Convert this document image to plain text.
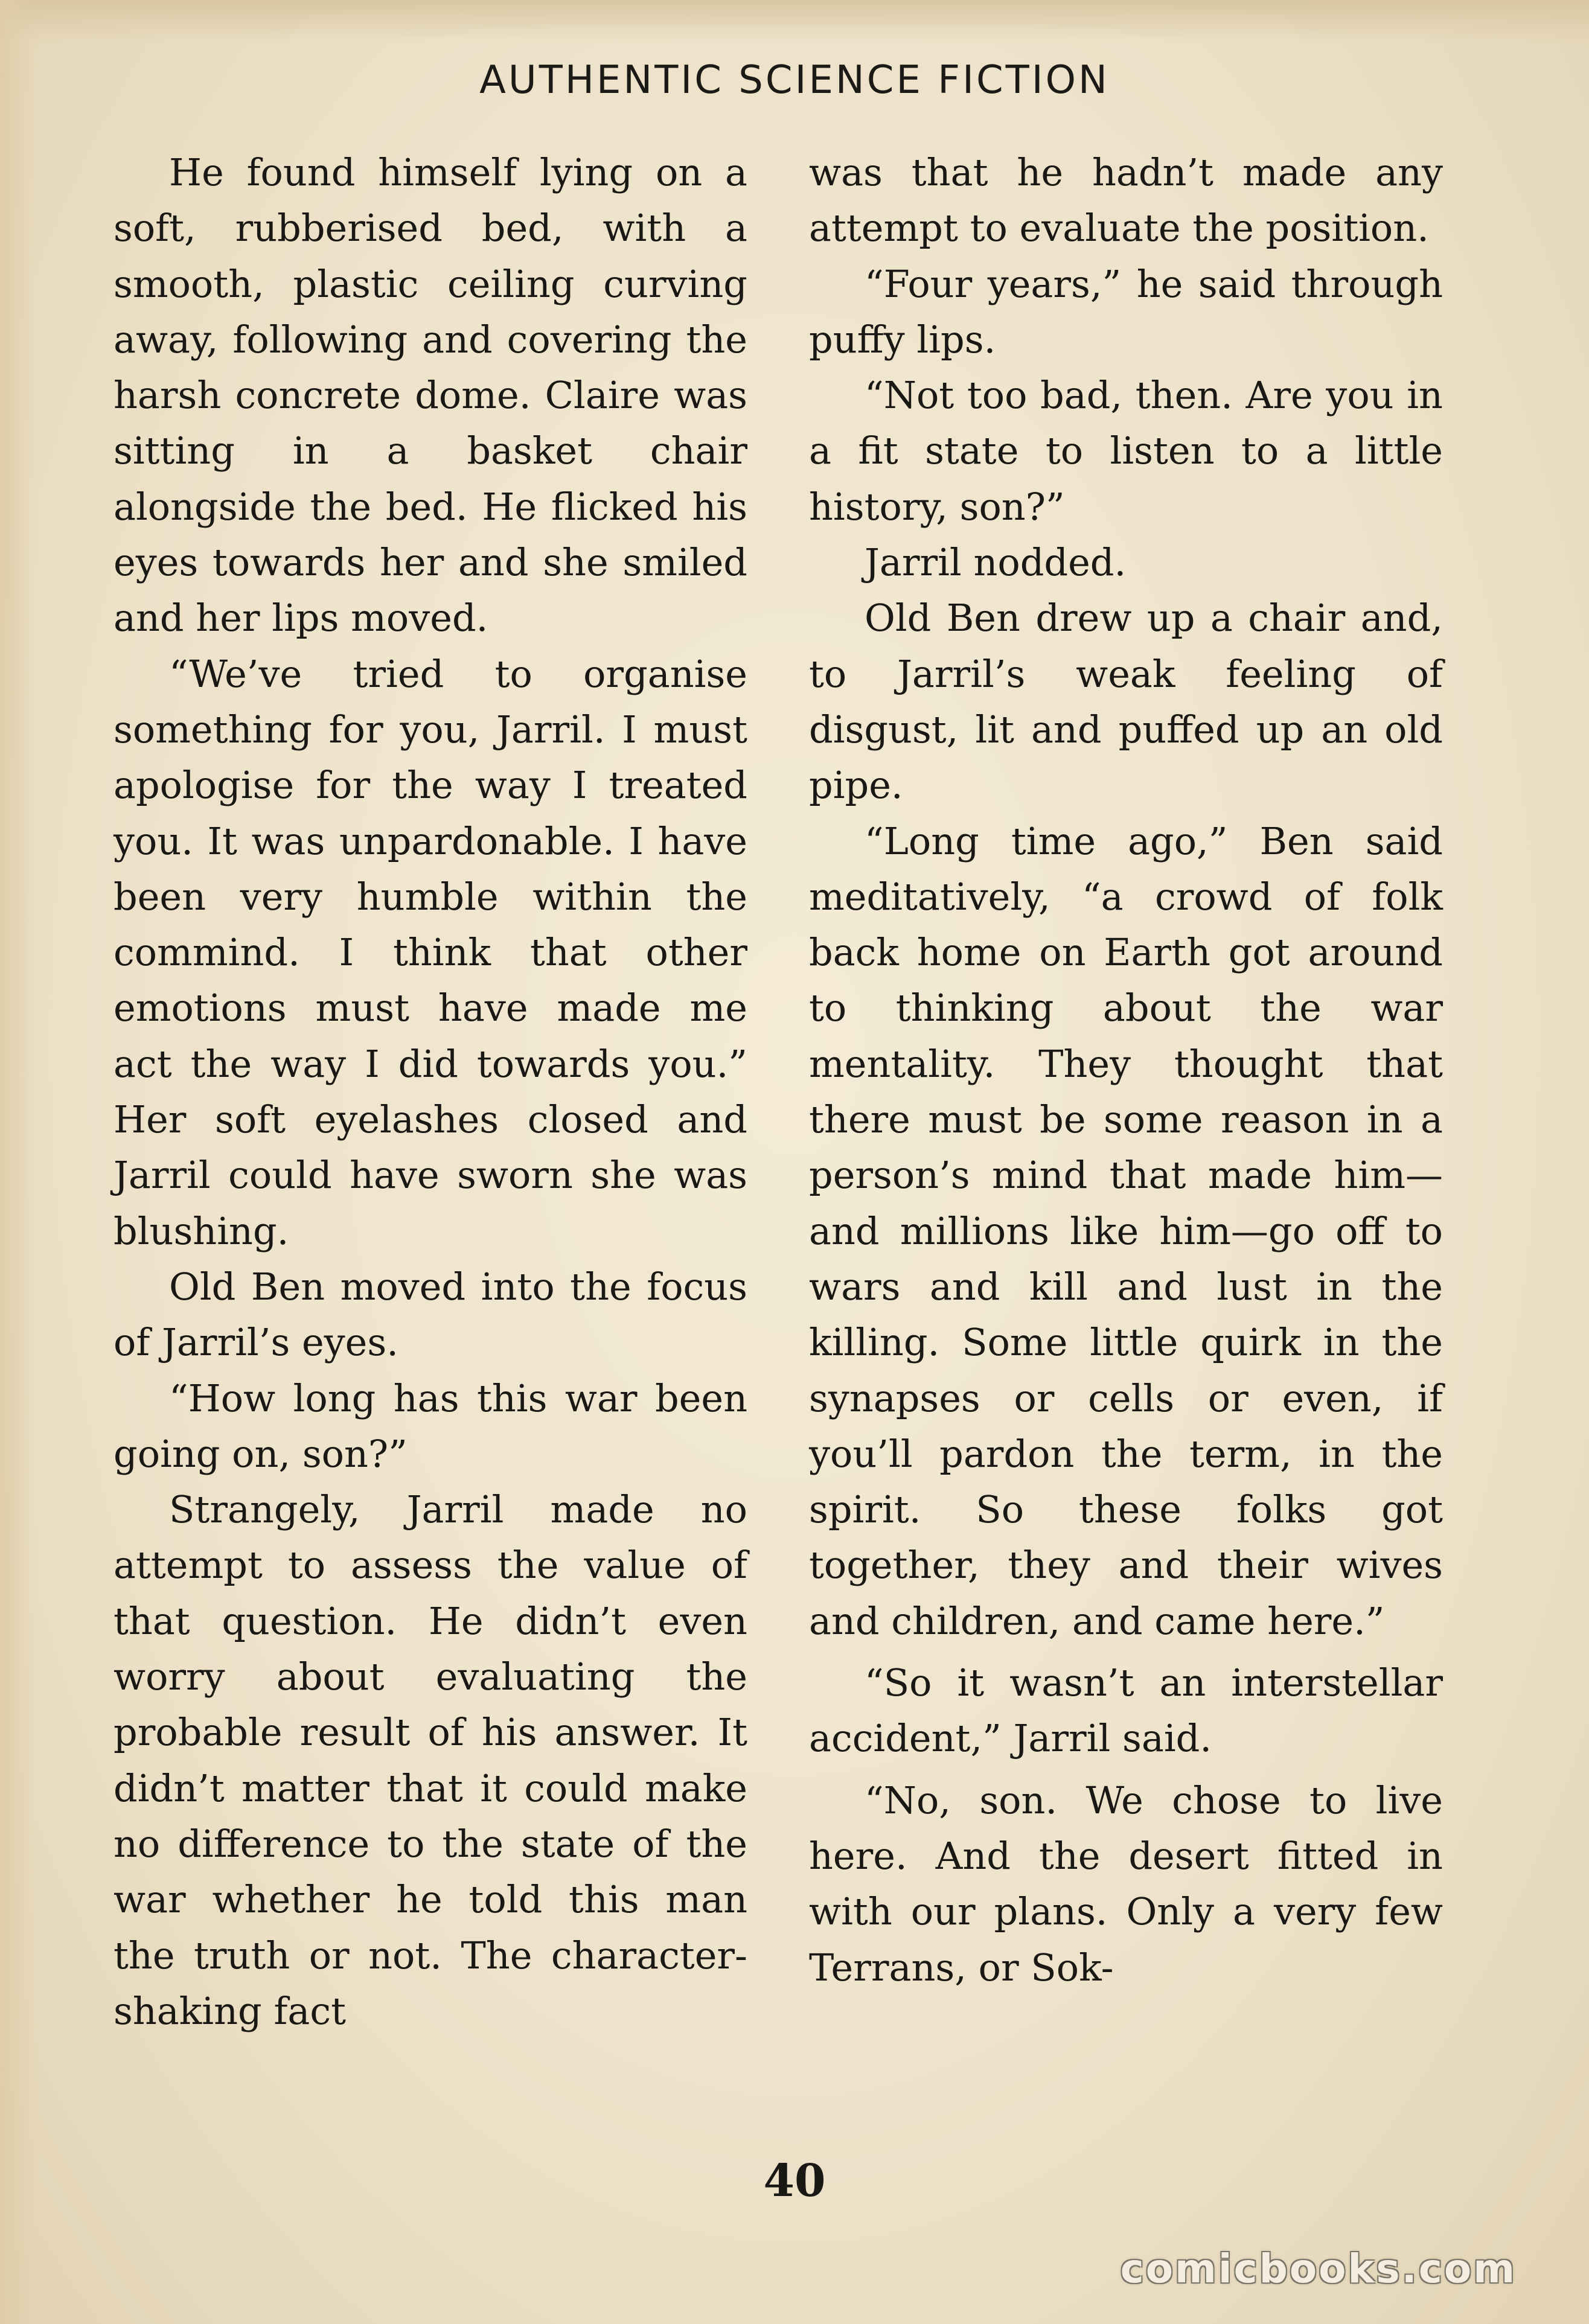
AUTHENTIC SCIENCE FICTION

He found himself lying on a soft, rubberised bed, with a smooth, plastic ceiling curving away, following and covering the harsh concrete dome. Claire was sitting in a basket chair alongside the bed. He flicked his eyes towards her and she smiled and her lips moved.

“We’ve tried to organise something for you, Jarril. I must apologise for the way I treated you. It was unpardonable. I have been very humble within the commind. I think that other emotions must have made me act the way I did towards you.” Her soft eyelashes closed and Jarril could have sworn she was blushing.

Old Ben moved into the focus of Jarril’s eyes.

“How long has this war been going on, son?”

Strangely, Jarril made no attempt to assess the value of that question. He didn’t even worry about evaluating the probable result of his answer. It didn’t matter that it could make no difference to the state of the war whether he told this man the truth or not. The character-shaking fact

was that he hadn’t made any attempt to evaluate the position.

“Four years,” he said through puffy lips.

“Not too bad, then. Are you in a fit state to listen to a little history, son?”

Jarril nodded.

Old Ben drew up a chair and, to Jarril’s weak feeling of disgust, lit and puffed up an old pipe.

“Long time ago,” Ben said meditatively, “a crowd of folk back home on Earth got around to thinking about the war mentality. They thought that there must be some reason in a person’s mind that made him—and millions like him—go off to wars and kill and lust in the killing. Some little quirk in the synapses or cells or even, if you’ll pardon the term, in the spirit. So these folks got together, they and their wives and children, and came here.”

“So it wasn’t an interstellar accident,” Jarril said.

“No, son. We chose to live here. And the desert fitted in with our plans. Only a very few Terrans, or Sok-

40
comicbooks.com
